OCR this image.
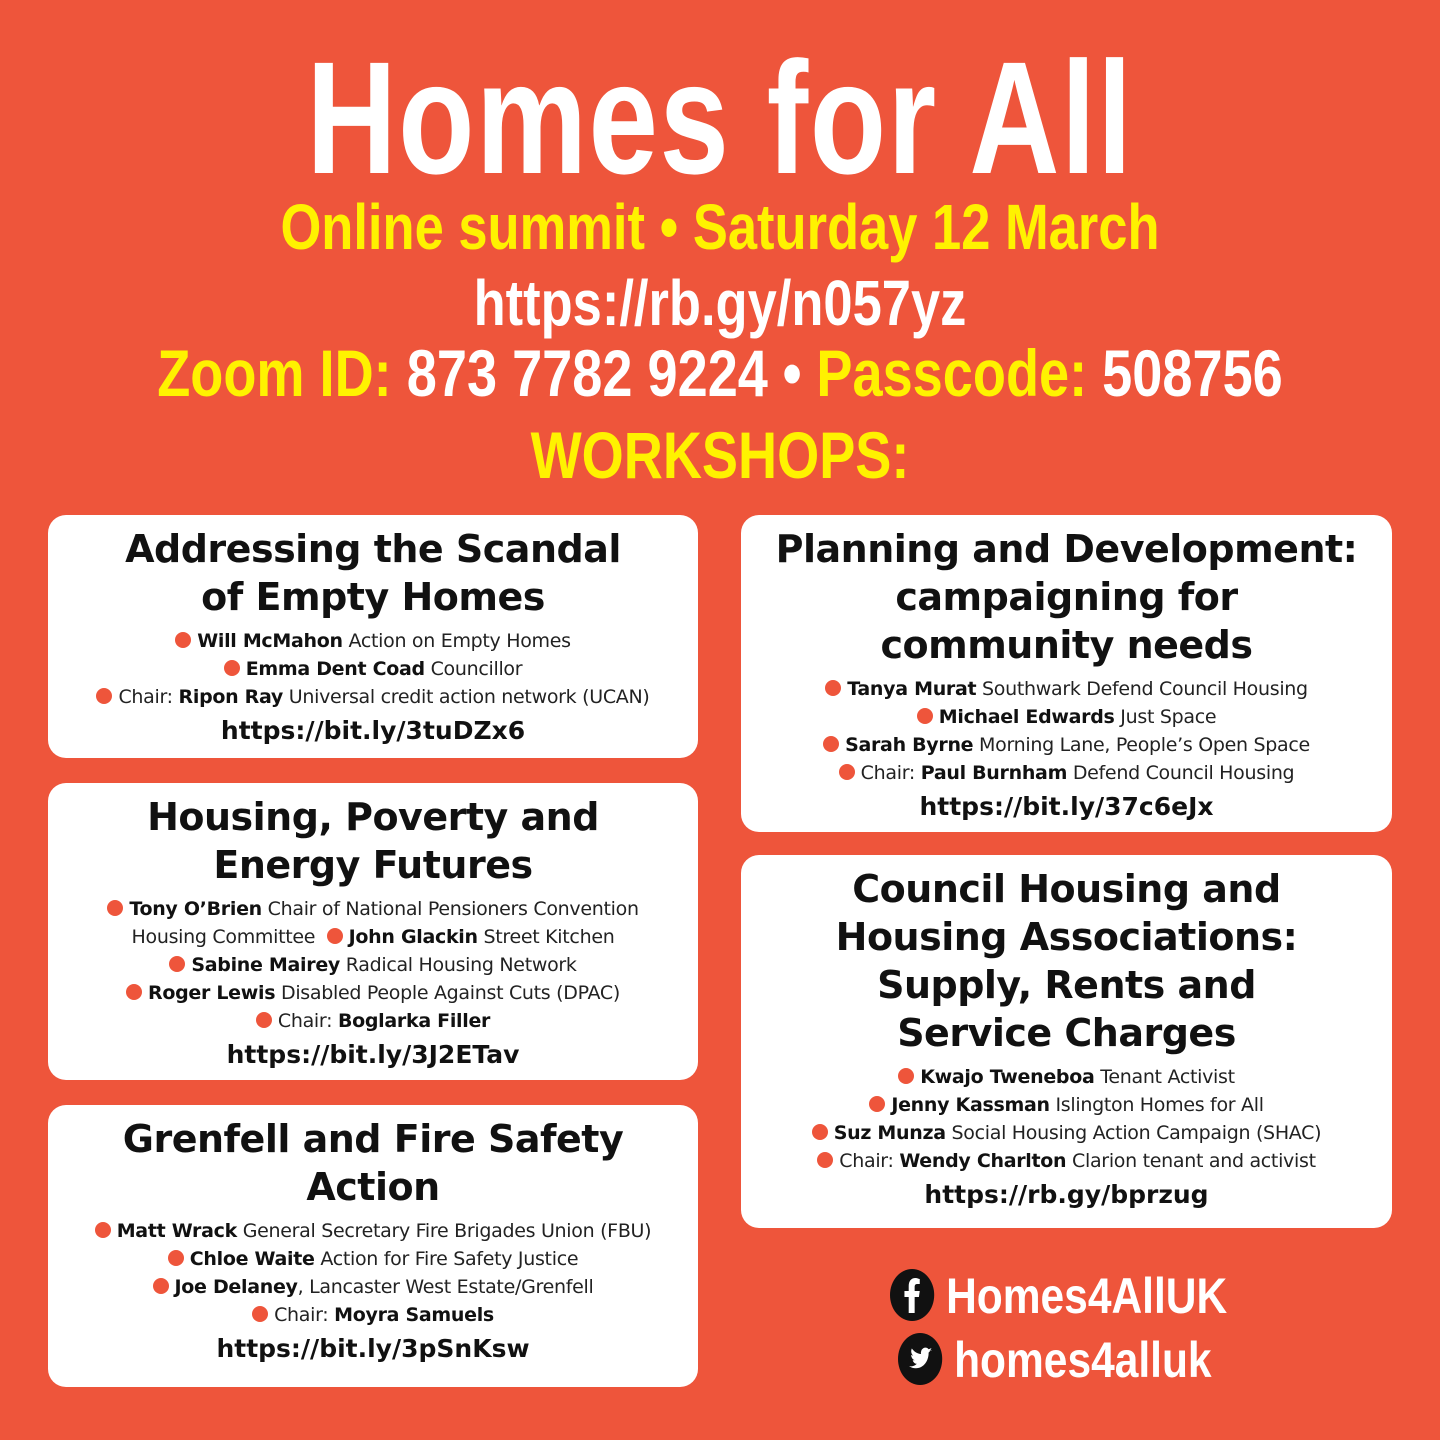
Homes for All
Online summit • Saturday 12 March
https://rb.gy/n057yz
Zoom ID: 873 7782 9224 • Passcode: 508756
WORKSHOPS:
Addressing the Scandal
of Empty Homes
Will McMahon Action on Empty Homes
Emma Dent Coad Councillor
Chair: Ripon Ray Universal credit action network (UCAN)
https://bit.ly/3tuDZx6
Housing, Poverty and
Energy Futures
Tony O’Brien Chair of National Pensioners Convention
Housing Committee John Glackin Street Kitchen
Sabine Mairey Radical Housing Network
Roger Lewis Disabled People Against Cuts (DPAC)
Chair: Boglarka Filler
https://bit.ly/3J2ETav
Grenfell and Fire Safety
Action
Matt Wrack General Secretary Fire Brigades Union (FBU)
Chloe Waite Action for Fire Safety Justice
Joe Delaney, Lancaster West Estate/Grenfell
Chair: Moyra Samuels
https://bit.ly/3pSnKsw
Planning and Development:
campaigning for
community needs
Tanya Murat Southwark Defend Council Housing
Michael Edwards Just Space
Sarah Byrne Morning Lane, People’s Open Space
Chair: Paul Burnham Defend Council Housing
https://bit.ly/37c6eJx
Council Housing and
Housing Associations:
Supply, Rents and
Service Charges
Kwajo Tweneboa Tenant Activist
Jenny Kassman Islington Homes for All
Suz Munza Social Housing Action Campaign (SHAC)
Chair: Wendy Charlton Clarion tenant and activist
https://rb.gy/bprzug
Homes4AllUK
homes4alluk
